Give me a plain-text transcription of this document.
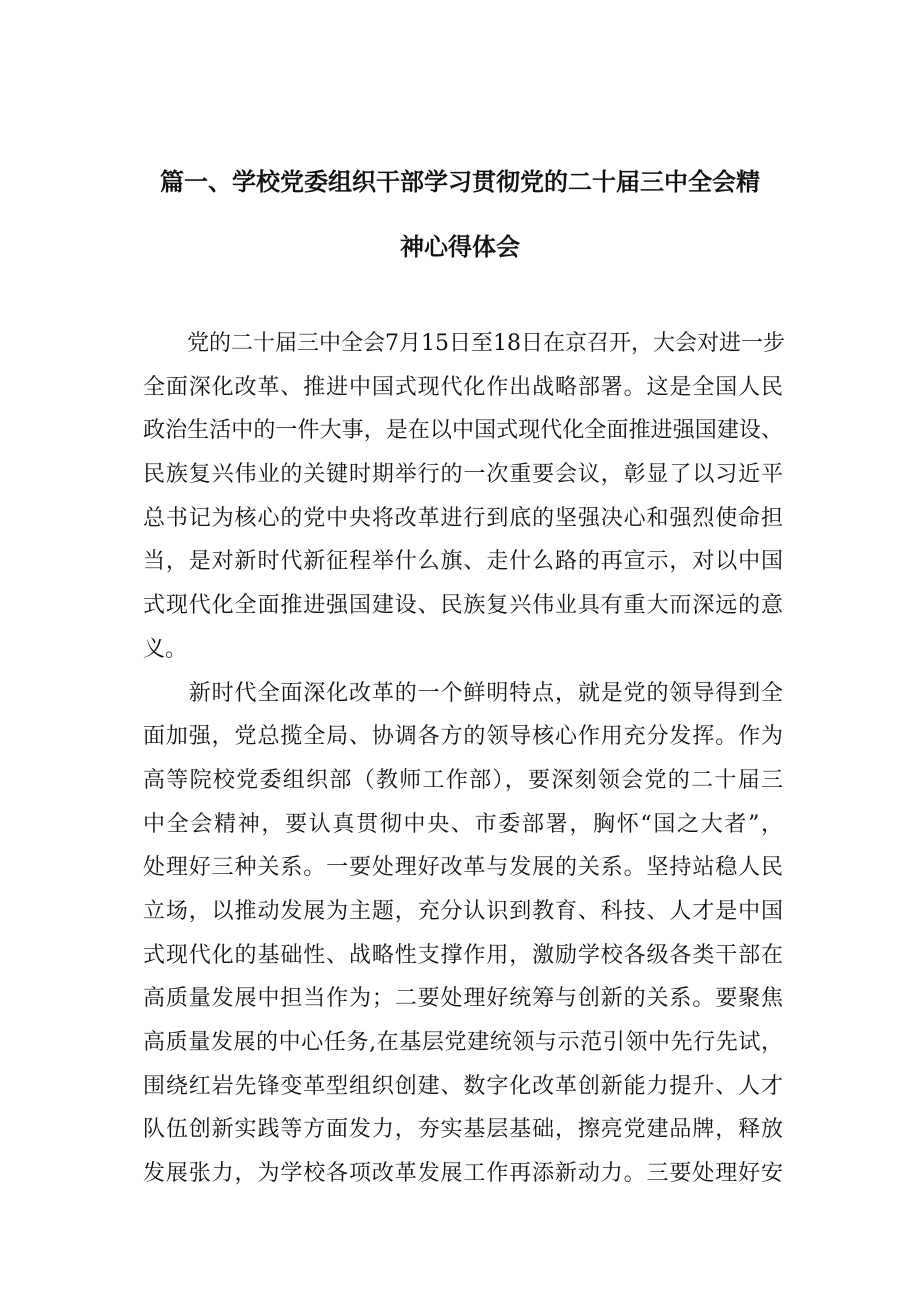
篇一、学校党委组织干部学习贯彻党的二十届三中全会精
神心得体会
　　党的二十届三中全会7月15日至18日在京召开，大会对进一步
全面深化改革、推进中国式现代化作出战略部署。这是全国人民
政治生活中的一件大事，是在以中国式现代化全面推进强国建设、
民族复兴伟业的关键时期举行的一次重要会议，彰显了以习近平
总书记为核心的党中央将改革进行到底的坚强决心和强烈使命担
当，是对新时代新征程举什么旗、走什么路的再宣示，对以中国
式现代化全面推进强国建设、民族复兴伟业具有重大而深远的意
义。
　　新时代全面深化改革的一个鲜明特点，就是党的领导得到全
面加强，党总揽全局、协调各方的领导核心作用充分发挥。作为
高等院校党委组织部（教师工作部），要深刻领会党的二十届三
中全会精神，要认真贯彻中央、市委部署，胸怀“国之大者”，
处理好三种关系。一要处理好改革与发展的关系。坚持站稳人民
立场，以推动发展为主题，充分认识到教育、科技、人才是中国
式现代化的基础性、战略性支撑作用，激励学校各级各类干部在
高质量发展中担当作为；二要处理好统筹与创新的关系。要聚焦
高质量发展的中心任务,在基层党建统领与示范引领中先行先试，
围绕红岩先锋变革型组织创建、数字化改革创新能力提升、人才
队伍创新实践等方面发力，夯实基层基础，擦亮党建品牌，释放
发展张力，为学校各项改革发展工作再添新动力。三要处理好安
